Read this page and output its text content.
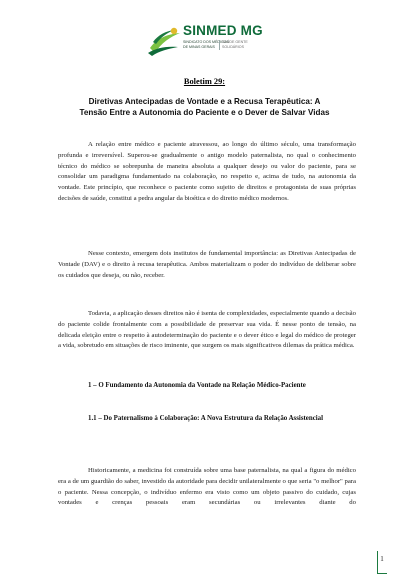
SINMED MG
SINDICATO DOS MÉDICOS
DE MINAS GERAIS
SAÚDE GENTE
SOLIDÁRIOS
Boletim 29:
Diretivas Antecipadas de Vontade e a Recusa Terapêutica: A
Tensão Entre a Autonomia do Paciente e o Dever de Salvar Vidas

A relação entre médico e paciente atravessou, ao longo do último século, uma transformação profunda e irreversível. Superou-se gradualmente o antigo modelo paternalista, no qual o conhecimento técnico do médico se sobrepunha de maneira absoluta a qualquer desejo ou valor do paciente, para se consolidar um paradigma fundamentado na colaboração, no respeito e, acima de tudo, na autonomia da vontade. Este princípio, que reconhece o paciente como sujeito de direitos e protagonista de suas próprias decisões de saúde, constitui a pedra angular da bioética e do direito médico modernos.

Nesse contexto, emergem dois institutos de fundamental importância: as Diretivas Antecipadas de Vontade (DAV) e o direito à recusa terapêutica. Ambos materializam o poder do indivíduo de deliberar sobre os cuidados que deseja, ou não, receber.

Todavia, a aplicação desses direitos não é isenta de complexidades, especialmente quando a decisão do paciente colide frontalmente com a possibilidade de preservar sua vida. É nesse ponto de tensão, na delicada eleição entre o respeito à autodeterminação do paciente e o dever ético e legal do médico de proteger a vida, sobretudo em situações de risco iminente, que surgem os mais significativos dilemas da prática médica.

1 – O Fundamento da Autonomia da Vontade na Relação Médico-Paciente
1.1 – Do Paternalismo à Colaboração: A Nova Estrutura da Relação Assistencial

Historicamente, a medicina foi construída sobre uma base paternalista, na qual a figura do médico era a de um guardião do saber, investido da autoridade para decidir unilateralmente o que seria "o melhor" para o paciente. Nessa concepção, o indivíduo enfermo era visto como um objeto passivo do cuidado, cujas vontades e crenças pessoais eram secundárias ou irrelevantes diante do

1
